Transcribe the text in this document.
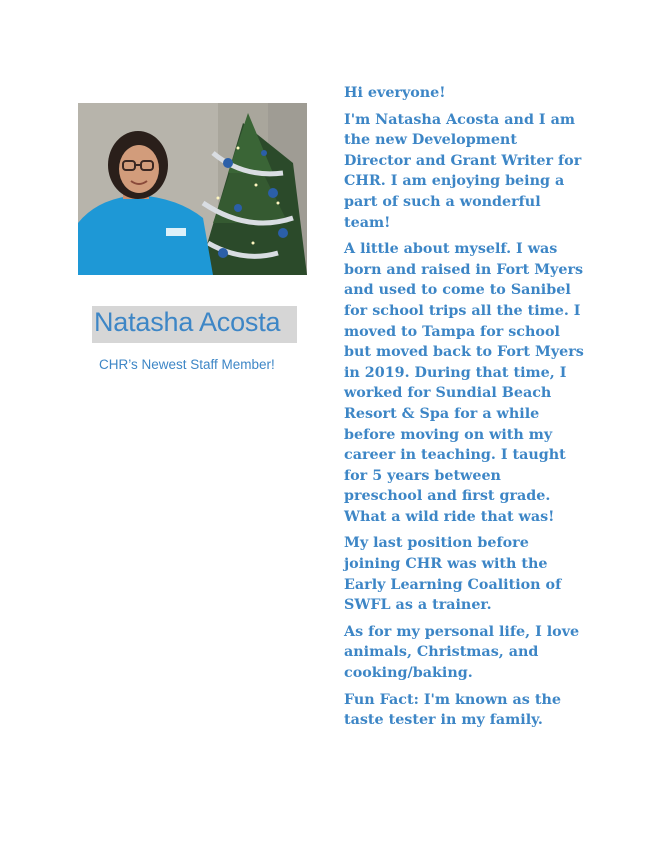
Natasha Acosta
CHR’s Newest Staff Member!

Hi everyone!

I'm Natasha Acosta and I am the new Development Director and Grant Writer for CHR. I am enjoying being a part of such a wonderful team!

A little about myself. I was born and raised in Fort Myers and used to come to Sanibel for school trips all the time. I moved to Tampa for school but moved back to Fort Myers in 2019. During that time, I worked for Sundial Beach Resort & Spa for a while before moving on with my career in teaching. I taught for 5 years between preschool and first grade. What a wild ride that was!

My last position before joining CHR was with the Early Learning Coalition of SWFL as a trainer.

As for my personal life, I love animals, Christmas, and cooking/baking.

Fun Fact: I'm known as the taste tester in my family.
